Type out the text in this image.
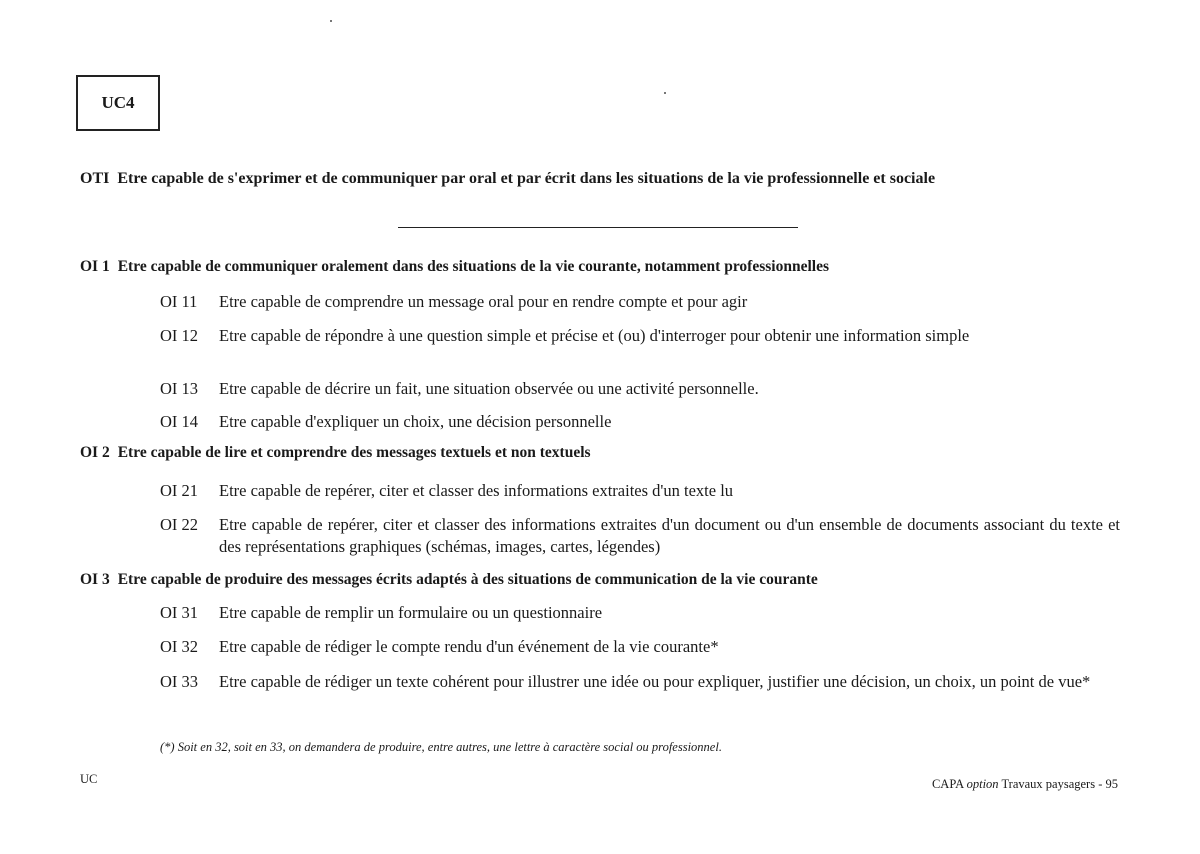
UC4
OTI Etre capable de s'exprimer et de communiquer par oral et par écrit dans les situations de la vie professionnelle et sociale
OI 1 Etre capable de communiquer oralement dans des situations de la vie courante, notamment professionnelles
OI 11	Etre capable de comprendre un message oral pour en rendre compte et pour agir
OI 12	Etre capable de répondre à une question simple et précise et (ou) d'interroger pour obtenir une information simple
OI 13	Etre capable de décrire un fait, une situation observée ou une activité personnelle.
OI 14	Etre capable d'expliquer un choix, une décision personnelle
OI 2 Etre capable de lire et comprendre des messages textuels et non textuels
OI 21	Etre capable de repérer, citer et classer des informations extraites d'un texte lu
OI 22	Etre capable de repérer, citer et classer des informations extraites d'un document ou d'un ensemble de documents associant du texte et des représentations graphiques (schémas, images, cartes, légendes)
OI 3 Etre capable de produire des messages écrits adaptés à des situations de communication de la vie courante
OI 31	Etre capable de remplir un formulaire ou un questionnaire
OI 32	Etre capable de rédiger le compte rendu d'un événement de la vie courante*
OI 33	Etre capable de rédiger un texte cohérent pour illustrer une idée ou pour expliquer, justifier une décision, un choix, un point de vue*
(*) Soit en 32, soit en 33, on demandera de produire, entre autres, une lettre à caractère social ou professionnel.
UC	CAPA option Travaux paysagers - 95
